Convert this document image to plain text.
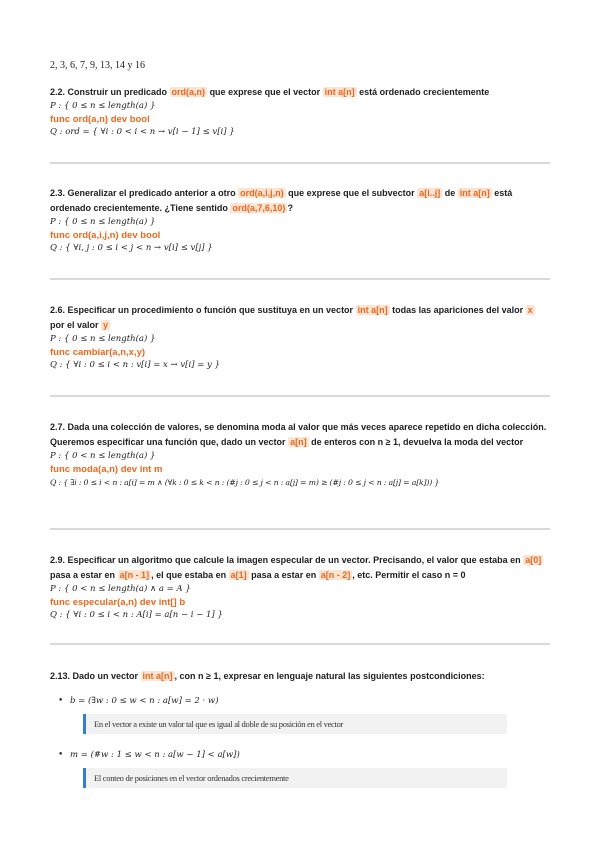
2, 3, 6, 7, 9, 13, 14 y 16
2.2. Construir un predicado ord(a,n) que exprese que el vector int a[n] está ordenado crecientemente
P : { 0 ≤ n ≤ length(a) }
func ord(a,n) dev bool
Q : ord = { ∀i : 0 < i < n → v[i − 1] ≤ v[i] }
2.3. Generalizar el predicado anterior a otro ord(a,i,j,n) que exprese que el subvector a[i..j] de int a[n] está ordenado crecientemente. ¿Tiene sentido ord(a,7,6,10) ?
P : { 0 ≤ n ≤ length(a) }
func ord(a,i,j,n) dev bool
Q : { ∀i, j : 0 ≤ i < j < n → v[i] ≤ v[j] }
2.6. Especificar un procedimiento o función que sustituya en un vector int a[n] todas las apariciones del valor x por el valor y
P : { 0 ≤ n ≤ length(a) }
func cambiar(a,n,x,y)
Q : { ∀i : 0 ≤ i < n : v[i] = x → v[i] = y }
2.7. Dada una colección de valores, se denomina moda al valor que más veces aparece repetido en dicha colección. Queremos especificar una función que, dado un vector a[n] de enteros con n ≥ 1, devuelva la moda del vector
P : { 0 < n ≤ length(a) }
func moda(a,n) dev int m
Q : { ∃i : 0 ≤ i < n : a[i] = m ∧ (∀k : 0 ≤ k < n : (#j : 0 ≤ j < n : a[j] = m) ≥ (#j : 0 ≤ j < n : a[j] = a[k])) }
2.9. Especificar un algoritmo que calcule la imagen especular de un vector. Precisando, el valor que estaba en a[0] pasa a estar en a[n - 1] , el que estaba en a[1] pasa a estar en a[n - 2] , etc. Permitir el caso n = 0
P : { 0 < n ≤ length(a) ∧ a = A }
func especular(a,n) dev int[] b
Q : { ∀i : 0 ≤ i < n : A[i] = a[n − i − 1] }
2.13. Dado un vector int a[n] , con n ≥ 1, expresar en lenguaje natural las siguientes postcondiciones:
• b = (∃w : 0 ≤ w < n : a[w] = 2 · w)
En el vector a existe un valor tal que es igual al doble de su posición en el vector
• m = (#w : 1 ≤ w < n : a[w − 1] < a[w])
El conteo de posiciones en el vector ordenados crecientemente
